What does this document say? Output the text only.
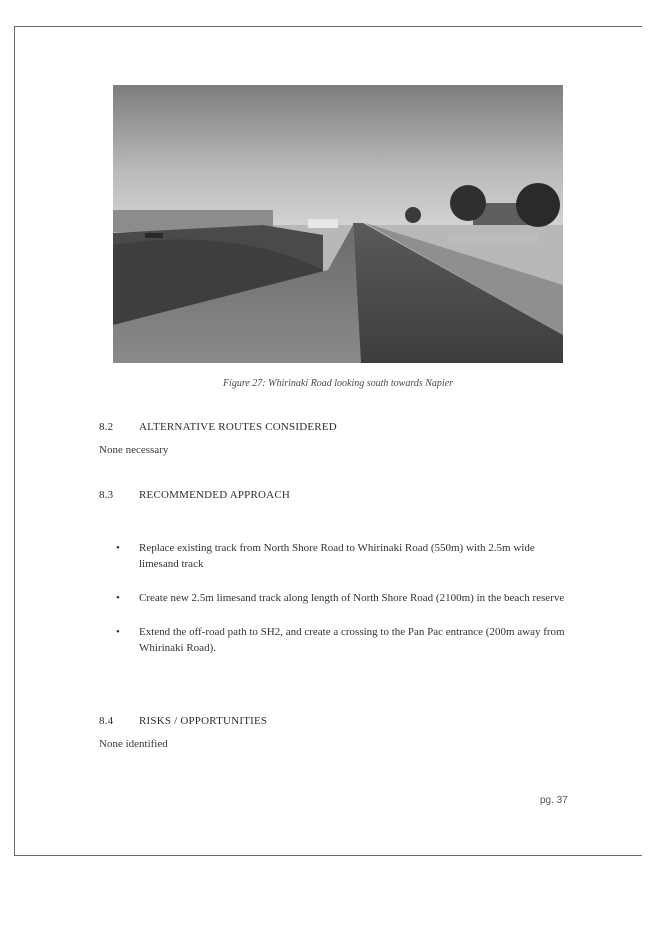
Figure 27: Whirinaki Road looking south towards Napier
8.2 ALTERNATIVE ROUTES CONSIDERED
None necessary
8.3 RECOMMENDED APPROACH
• Replace existing track from North Shore Road to Whirinaki Road (550m) with 2.5m wide limesand track
• Create new 2.5m limesand track along length of North Shore Road (2100m) in the beach reserve
• Extend the off-road path to SH2, and create a crossing to the Pan Pac entrance (200m away from Whirinaki Road).
8.4 RISKS / OPPORTUNITIES
None identified
pg. 37
